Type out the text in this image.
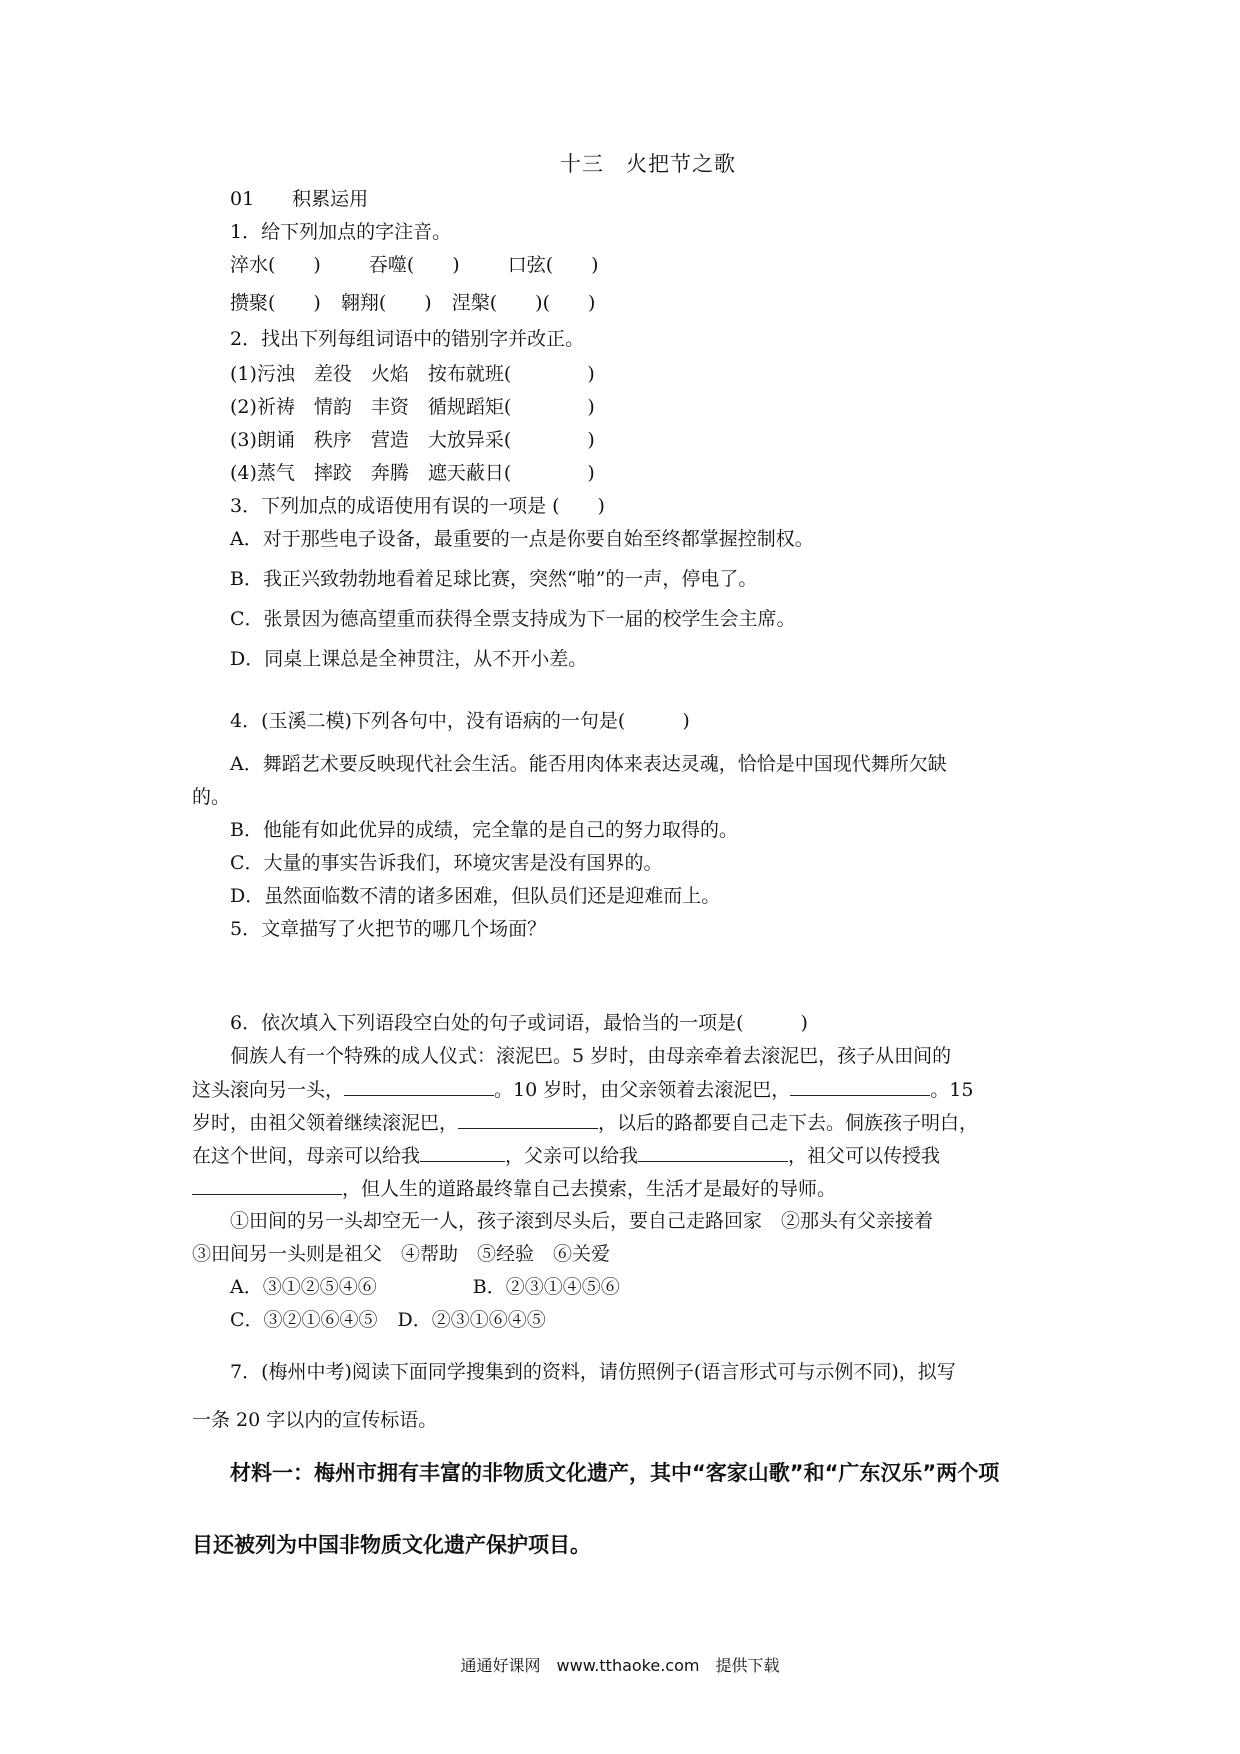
十三　火把节之歌
01　　积累运用
1．给下列加点的字注音。
淬水(　　)	吞噬(　　)	口弦(　　)
攒聚(　　) 翱翔(　　) 涅槃(　　)(　　)
2．找出下列每组词语中的错别字并改正。
(1)污浊　差役　火焰　按布就班(　　　　)
(2)祈祷　情韵　丰资　循规蹈矩(　　　　)
(3)朗诵　秩序　营造　大放异采(　　　　)
(4)蒸气　摔跤　奔腾　遮天蔽日(　　　　)
3．下列加点的成语使用有误的一项是 (　　)
A．对于那些电子设备，最重要的一点是你要自始至终都掌握控制权。
B．我正兴致勃勃地看着足球比赛，突然“啪”的一声，停电了。
C．张景因为德高望重而获得全票支持成为下一届的校学生会主席。
D．同桌上课总是全神贯注，从不开小差。
4．(玉溪二模)下列各句中，没有语病的一句是(　　　)
A．舞蹈艺术要反映现代社会生活。能否用肉体来表达灵魂，恰恰是中国现代舞所欠缺
的。
B．他能有如此优异的成绩，完全靠的是自己的努力取得的。
C．大量的事实告诉我们，环境灾害是没有国界的。
D．虽然面临数不清的诸多困难，但队员们还是迎难而上。
5．文章描写了火把节的哪几个场面？
6．依次填入下列语段空白处的句子或词语，最恰当的一项是(　　　)
侗族人有一个特殊的成人仪式：滚泥巴。5 岁时，由母亲牵着去滚泥巴，孩子从田间的
这头滚向另一头，	。10 岁时，由父亲领着去滚泥巴，	。15
岁时，由祖父领着继续滚泥巴，	，以后的路都要自己走下去。侗族孩子明白，
在这个世间，母亲可以给我	，父亲可以给我	，祖父可以传授我
，但人生的道路最终靠自己去摸索，生活才是最好的导师。
①田间的另一头却空无一人，孩子滚到尽头后，要自己走路回家　②那头有父亲接着
③田间另一头则是祖父　④帮助　⑤经验　⑥关爱
A．③①②⑤④⑥	B．②③①④⑤⑥
C．③②①⑥④⑤ D．②③①⑥④⑤
7．(梅州中考)阅读下面同学搜集到的资料，请仿照例子(语言形式可与示例不同)，拟写
一条 20 字以内的宣传标语。
材料一：梅州市拥有丰富的非物质文化遗产，其中“客家山歌”和“广东汉乐”两个项
目还被列为中国非物质文化遗产保护项目。
通通好课网　www.tthaoke.com　提供下载
